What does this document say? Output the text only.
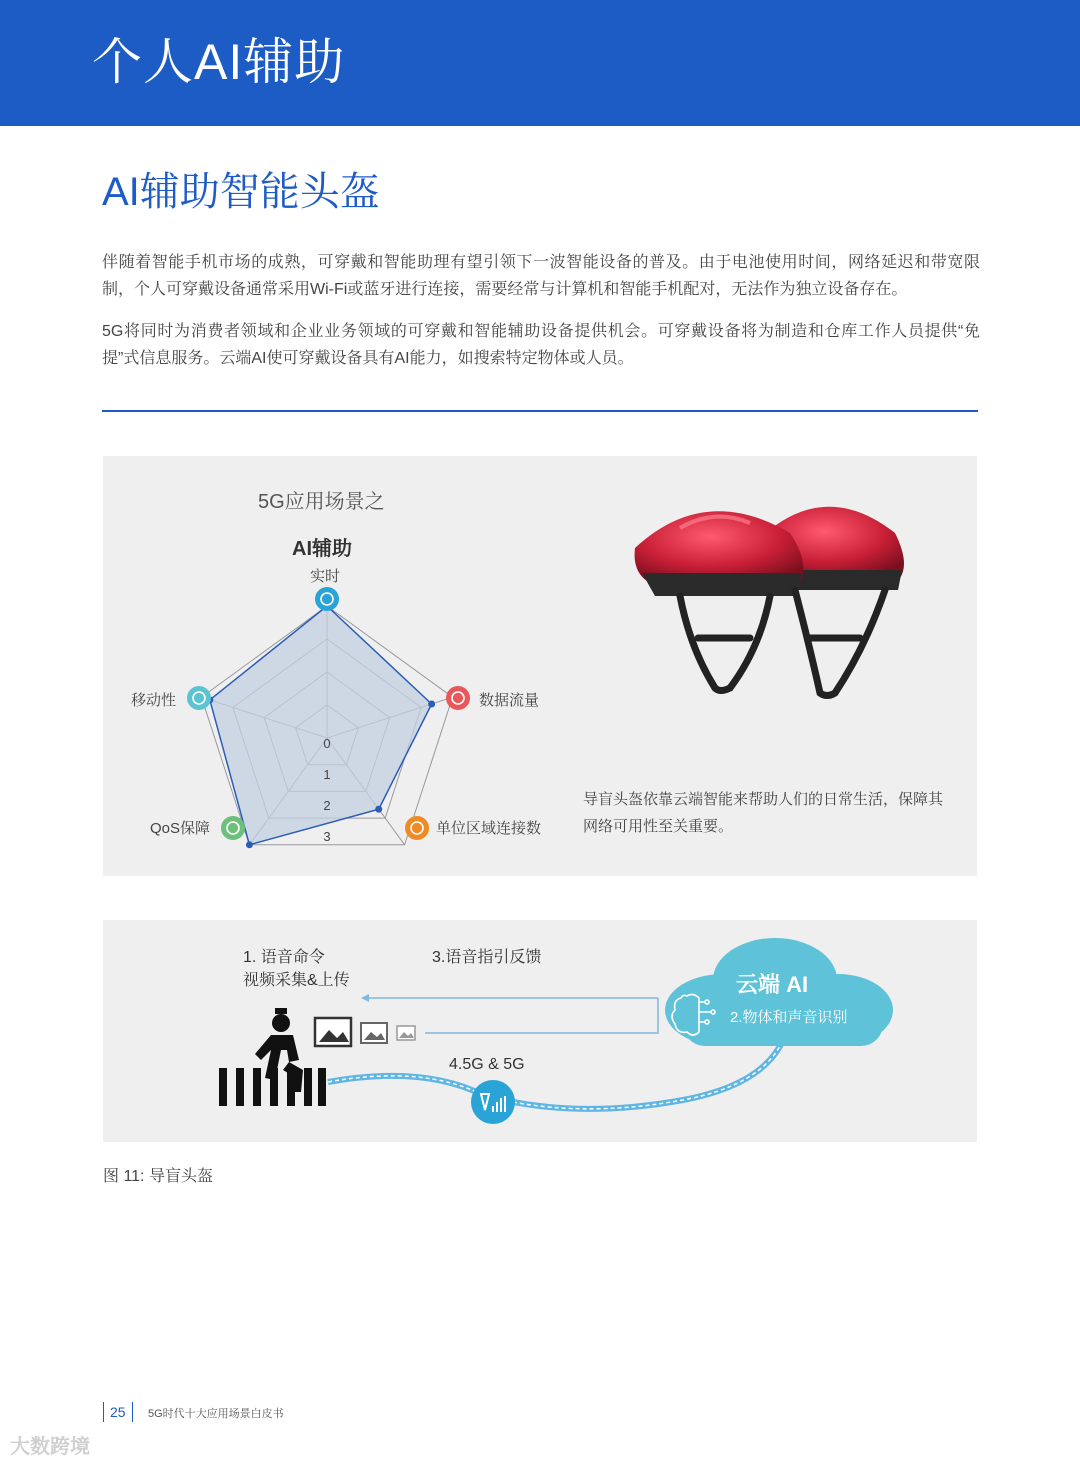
个人AI辅助
AI辅助智能头盔

伴随着智能手机市场的成熟，可穿戴和智能助理有望引领下一波智能设备的普及。由于电池使用时间，网络延迟和带宽限制，个人可穿戴设备通常采用Wi-Fi或蓝牙进行连接，需要经常与计算机和智能手机配对，无法作为独立设备存在。

5G将同时为消费者领域和企业业务领域的可穿戴和智能辅助设备提供机会。可穿戴设备将为制造和仓库工作人员提供“免提”式信息服务。云端AI使可穿戴设备具有AI能力，如搜索特定物体或人员。

5G应用场景之
AI辅助
0
1
2
3
实时
数据流量
单位区域连接数
QoS保障
移动性
导盲头盔依靠云端智能来帮助人们的日常生活，保障其网络可用性至关重要。
1. 语音命令
视频采集&上传
3.语音指引反馈
云端 AI
2.物体和声音识别
4.5G & 5G
图 11: 导盲头盔
25	5G时代十大应用场景白皮书
大数跨境
